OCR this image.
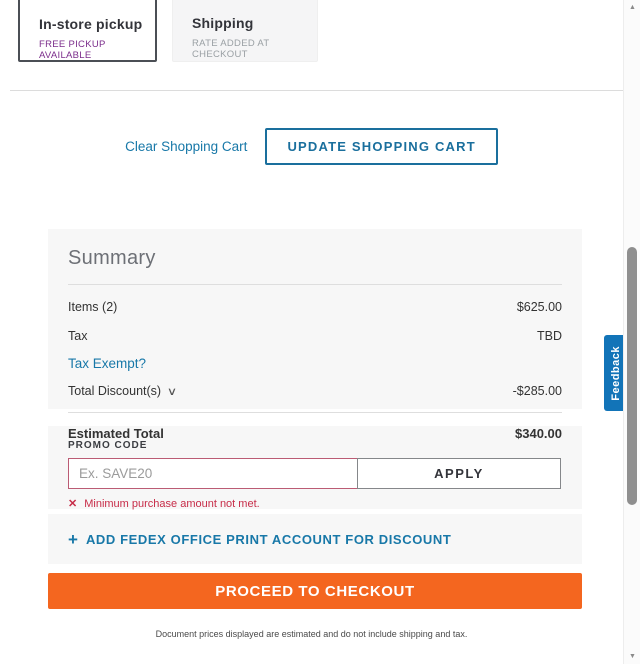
In-store pickup
FREE PICKUP AVAILABLE
Shipping
RATE ADDED AT CHECKOUT
Clear Shopping Cart	UPDATE SHOPPING CART
Summary
Items (2)	$625.00
Tax	TBD
Tax Exempt?
Total Discount(s) ∨	-$285.00
Estimated Total	$340.00
PROMO CODE
Ex. SAVE20
APPLY
✕ Minimum purchase amount not met.
+ ADD FEDEX OFFICE PRINT ACCOUNT FOR DISCOUNT
PROCEED TO CHECKOUT
Document prices displayed are estimated and do not include shipping and tax.
Feedback
▲
▼
